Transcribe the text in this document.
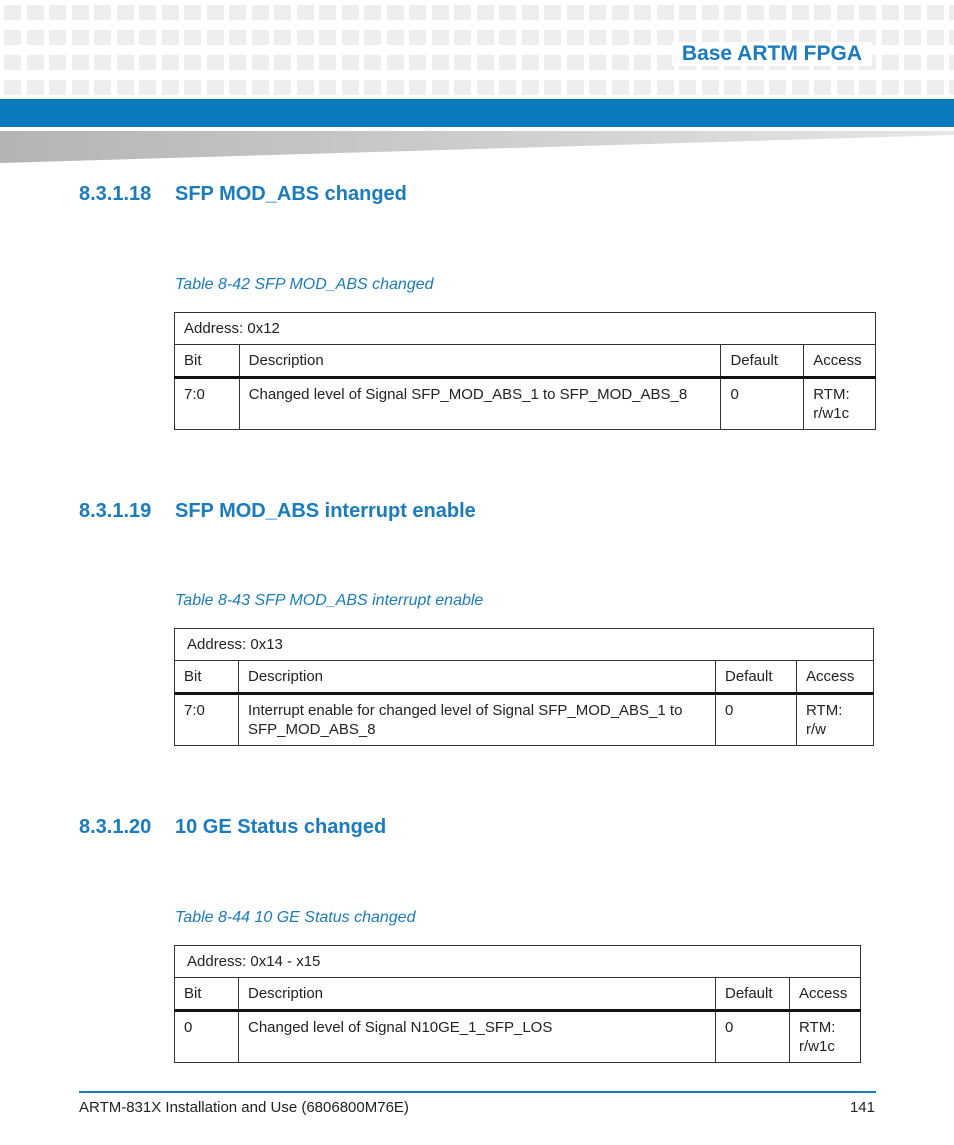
Base ARTM FPGA
8.3.1.18 SFP MOD_ABS changed
Table 8-42 SFP MOD_ABS changed
Address: 0x12			
Bit	Description	Default	Access
7:0	Changed level of Signal SFP_MOD_ABS_1 to SFP_MOD_ABS_8	0	RTM: r/w1c
8.3.1.19 SFP MOD_ABS interrupt enable
Table 8-43 SFP MOD_ABS interrupt enable
Address: 0x13			
Bit	Description	Default	Access
7:0	Interrupt enable for changed level of Signal SFP_MOD_ABS_1 to SFP_MOD_ABS_8	0	RTM: r/w
8.3.1.20 10 GE Status changed
Table 8-44 10 GE Status changed
Address: 0x14 - x15			
Bit	Description	Default	Access
0	Changed level of Signal N10GE_1_SFP_LOS	0	RTM: r/w1c
ARTM-831X Installation and Use (6806800M76E)	141
